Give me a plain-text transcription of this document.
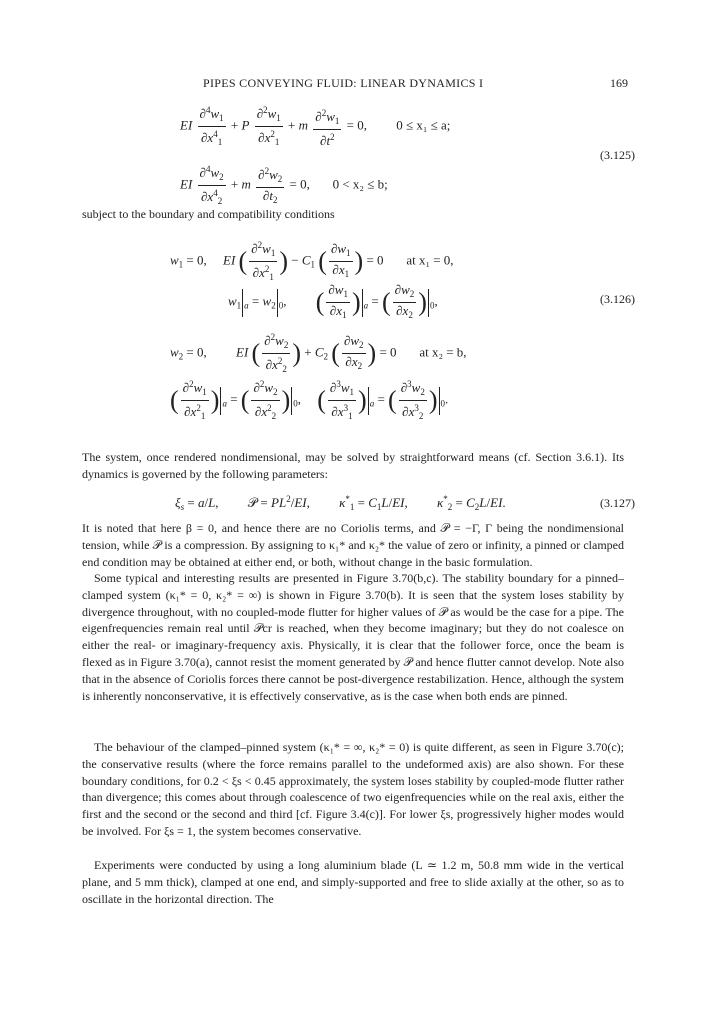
PIPES CONVEYING FLUID: LINEAR DYNAMICS I	169
EI $\frac{\partial^4w_1}{\partial x^4_1} + P \frac{\partial^2w_1}{\partial x^2_1} + m \frac{\partial^2w_1}{\partial t^2} = 0$,         0 ≤ x₁ ≤ a;
(3.125)
EI $\frac{\partial^4w_2}{\partial x^4_2} + m \frac{\partial^2w_2}{\partial t_2} = 0$,       0 < x₂ ≤ b;
subject to the boundary and compatibility conditions
$w_1 = 0$,     EI ( $\frac{\partial^2w_1}{\partial x^2_1}$ ) − $C_1$ ( $\frac{\partial w_1}{\partial x_1}$ ) = 0       at x₁ = 0,
$w_1$ $_a = w_2$ $_0$,         ( $\frac{\partial w_1}{\partial x_1}$ ) $_a$ = ( $\frac{\partial w_2}{\partial x_2}$ ) $_0$,	(3.126)
$w_2 = 0$,         EI ( $\frac{\partial^2w_2}{\partial x^2_2}$ ) + $C_2$ ( $\frac{\partial w_2}{\partial x_2}$ ) = 0       at x₂ = b,
( $\frac{\partial^2w_1}{\partial x^2_1}$ ) $_a$ = ( $\frac{\partial^2w_2}{\partial x^2_2}$ ) $_0$,     ( $\frac{\partial^3w_1}{\partial x^3_1}$ ) $_a$ = ( $\frac{\partial^3w_2}{\partial x^3_2}$ ) $_0$.
The system, once rendered nondimensional, may be solved by straightforward means (cf. Section 3.6.1). Its dynamics is governed by the following parameters:
$\xi_s = a/L$,         𝒫 = $PL^2/EI$,         $\kappa^*_1 = C_1L/EI$,         $\kappa^*_2 = C_2L/EI$.	(3.127)
It is noted that here β = 0, and hence there are no Coriolis terms, and 𝒫 = −Γ, Γ being the nondimensional tension, while 𝒫 is a compression. By assigning to κ₁* and κ₂* the value of zero or infinity, a pinned or clamped end condition may be obtained at either end, or both, without change in the basic formulation.
Some typical and interesting results are presented in Figure 3.70(b,c). The stability boundary for a pinned–clamped system (κ₁* = 0, κ₂* = ∞) is shown in Figure 3.70(b). It is seen that the system loses stability by divergence throughout, with no coupled-mode flutter for higher values of 𝒫 as would be the case for a pipe. The eigenfrequencies remain real until 𝒫cr is reached, when they become imaginary; but they do not coalesce on either the real- or imaginary-frequency axis. Physically, it is clear that the follower force, once the beam is flexed as in Figure 3.70(a), cannot resist the moment generated by 𝒫 and hence flutter cannot develop. Note also that in the absence of Coriolis forces there cannot be post-divergence restabilization. Hence, although the system is inherently nonconservative, it is effectively conservative, as is the case when both ends are pinned.
The behaviour of the clamped–pinned system (κ₁* = ∞, κ₂* = 0) is quite different, as seen in Figure 3.70(c); the conservative results (where the force remains parallel to the undeformed axis) are also shown. For these boundary conditions, for 0.2 < ξs < 0.45 approximately, the system loses stability by coupled-mode flutter rather than divergence; this comes about through coalescence of two eigenfrequencies while on the real axis, either the first and the second or the second and third [cf. Figure 3.4(c)]. For lower ξs, progressively higher modes would be involved. For ξs = 1, the system becomes conservative.
Experiments were conducted by using a long aluminium blade (L ≃ 1.2 m, 50.8 mm wide in the vertical plane, and 5 mm thick), clamped at one end, and simply-supported and free to slide axially at the other, so as to oscillate in the horizontal direction. The
